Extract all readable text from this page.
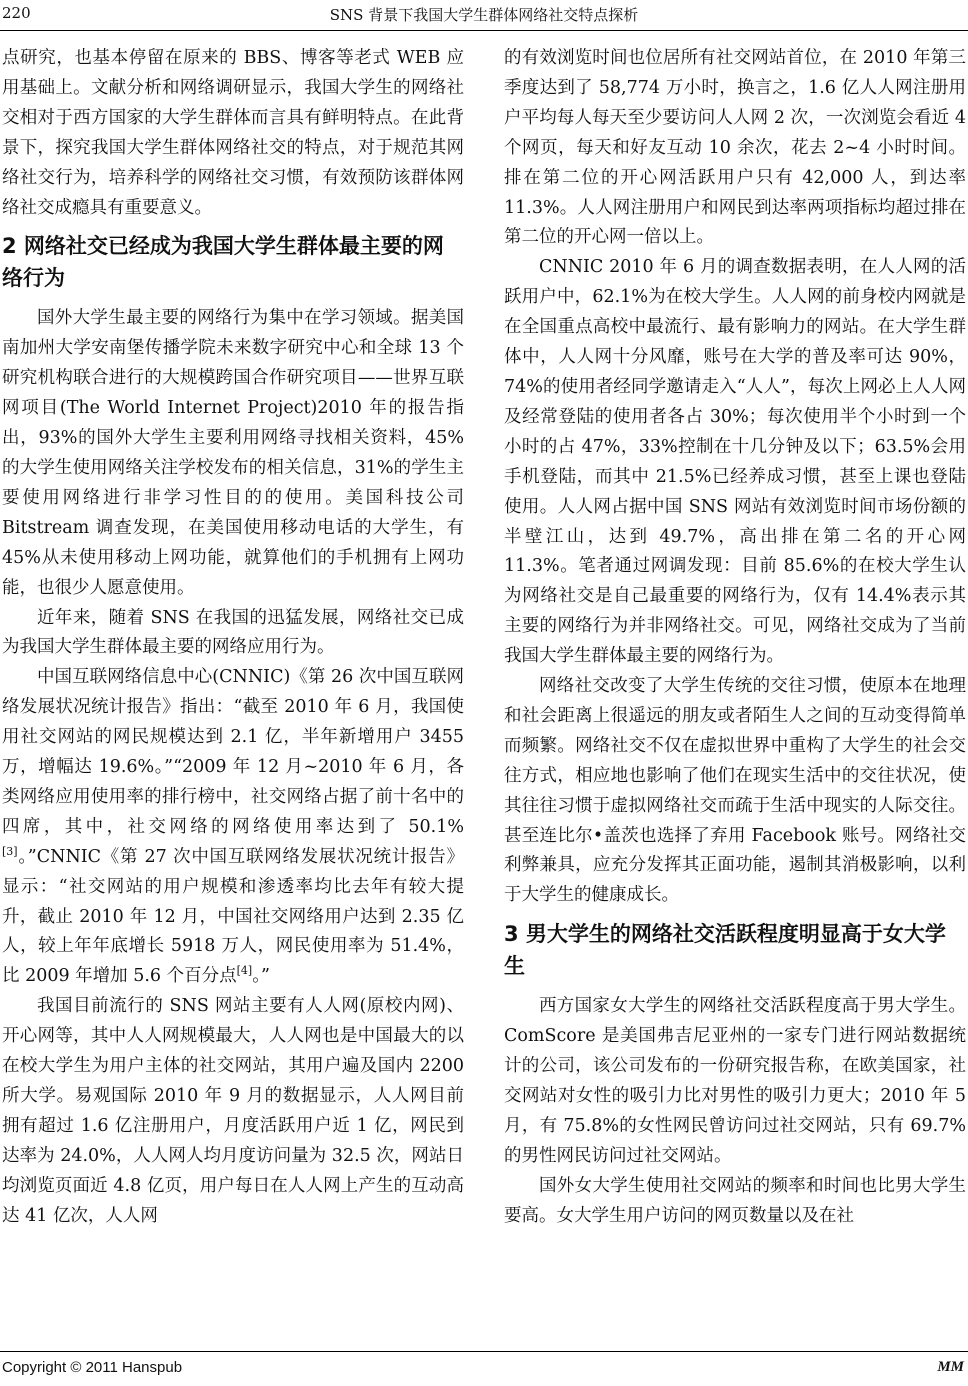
220	SNS 背景下我国大学生群体网络社交特点探析

点研究，也基本停留在原来的 BBS、博客等老式 WEB 应用基础上。文献分析和网络调研显示，我国大学生的网络社交相对于西方国家的大学生群体而言具有鲜明特点。在此背景下，探究我国大学生群体网络社交的特点，对于规范其网络社交行为，培养科学的网络社交习惯，有效预防该群体网络社交成瘾具有重要意义。

2 网络社交已经成为我国大学生群体最主要的网络行为

国外大学生最主要的网络行为集中在学习领域。据美国南加州大学安南堡传播学院未来数字研究中心和全球 13 个研究机构联合进行的大规模跨国合作研究项目——世界互联网项目(The World Internet Project)2010 年的报告指出，93%的国外大学生主要利用网络寻找相关资料，45%的大学生使用网络关注学校发布的相关信息，31%的学生主要使用网络进行非学习性目的的使用。美国科技公司 Bitstream 调查发现，在美国使用移动电话的大学生，有 45%从未使用移动上网功能，就算他们的手机拥有上网功能，也很少人愿意使用。

近年来，随着 SNS 在我国的迅猛发展，网络社交已成为我国大学生群体最主要的网络应用行为。

中国互联网络信息中心(CNNIC)《第 26 次中国互联网络发展状况统计报告》指出：“截至 2010 年 6 月，我国使用社交网站的网民规模达到 2.1 亿，半年新增用户 3455 万，增幅达 19.6%。”“2009 年 12 月~2010 年 6 月，各类网络应用使用率的排行榜中，社交网络占据了前十名中的四席，其中，社交网络的网络使用率达到了 50.1%[3]。”CNNIC《第 27 次中国互联网络发展状况统计报告》显示：“社交网站的用户规模和渗透率均比去年有较大提升，截止 2010 年 12 月，中国社交网络用户达到 2.35 亿人，较上年年底增长 5918 万人，网民使用率为 51.4%，比 2009 年增加 5.6 个百分点[4]。”

我国目前流行的 SNS 网站主要有人人网(原校内网)、开心网等，其中人人网规模最大，人人网也是中国最大的以在校大学生为用户主体的社交网站，其用户遍及国内 2200 所大学。易观国际 2010 年 9 月的数据显示，人人网目前拥有超过 1.6 亿注册用户，月度活跃用户近 1 亿，网民到达率为 24.0%，人人网人均月度访问量为 32.5 次，网站日均浏览页面近 4.8 亿页，用户每日在人人网上产生的互动高达 41 亿次，人人网

的有效浏览时间也位居所有社交网站首位，在 2010 年第三季度达到了 58,774 万小时，换言之，1.6 亿人人网注册用户平均每人每天至少要访问人人网 2 次，一次浏览会看近 4 个网页，每天和好友互动 10 余次，花去 2~4 小时时间。排在第二位的开心网活跃用户只有 42,000 人，到达率 11.3%。人人网注册用户和网民到达率两项指标均超过排在第二位的开心网一倍以上。

CNNIC 2010 年 6 月的调查数据表明，在人人网的活跃用户中，62.1%为在校大学生。人人网的前身校内网就是在全国重点高校中最流行、最有影响力的网站。在大学生群体中，人人网十分风靡，账号在大学的普及率可达 90%，74%的使用者经同学邀请走入“人人”，每次上网必上人人网及经常登陆的使用者各占 30%；每次使用半个小时到一个小时的占 47%，33%控制在十几分钟及以下；63.5%会用手机登陆，而其中 21.5%已经养成习惯，甚至上课也登陆使用。人人网占据中国 SNS 网站有效浏览时间市场份额的半壁江山，达到 49.7%，高出排在第二名的开心网 11.3%。笔者通过网调发现：目前 85.6%的在校大学生认为网络社交是自己最重要的网络行为，仅有 14.4%表示其主要的网络行为并非网络社交。可见，网络社交成为了当前我国大学生群体最主要的网络行为。

网络社交改变了大学生传统的交往习惯，使原本在地理和社会距离上很遥远的朋友或者陌生人之间的互动变得简单而频繁。网络社交不仅在虚拟世界中重构了大学生的社会交往方式，相应地也影响了他们在现实生活中的交往状况，使其往往习惯于虚拟网络社交而疏于生活中现实的人际交往。甚至连比尔•盖茨也选择了弃用 Facebook 账号。网络社交利弊兼具，应充分发挥其正面功能，遏制其消极影响，以利于大学生的健康成长。

3 男大学生的网络社交活跃程度明显高于女大学生

西方国家女大学生的网络社交活跃程度高于男大学生。ComScore 是美国弗吉尼亚州的一家专门进行网站数据统计的公司，该公司发布的一份研究报告称，在欧美国家，社交网站对女性的吸引力比对男性的吸引力更大；2010 年 5 月，有 75.8%的女性网民曾访问过社交网站，只有 69.7%的男性网民访问过社交网站。

国外女大学生使用社交网站的频率和时间也比男大学生要高。女大学生用户访问的网页数量以及在社

Copyright © 2011 Hanspub	MM
